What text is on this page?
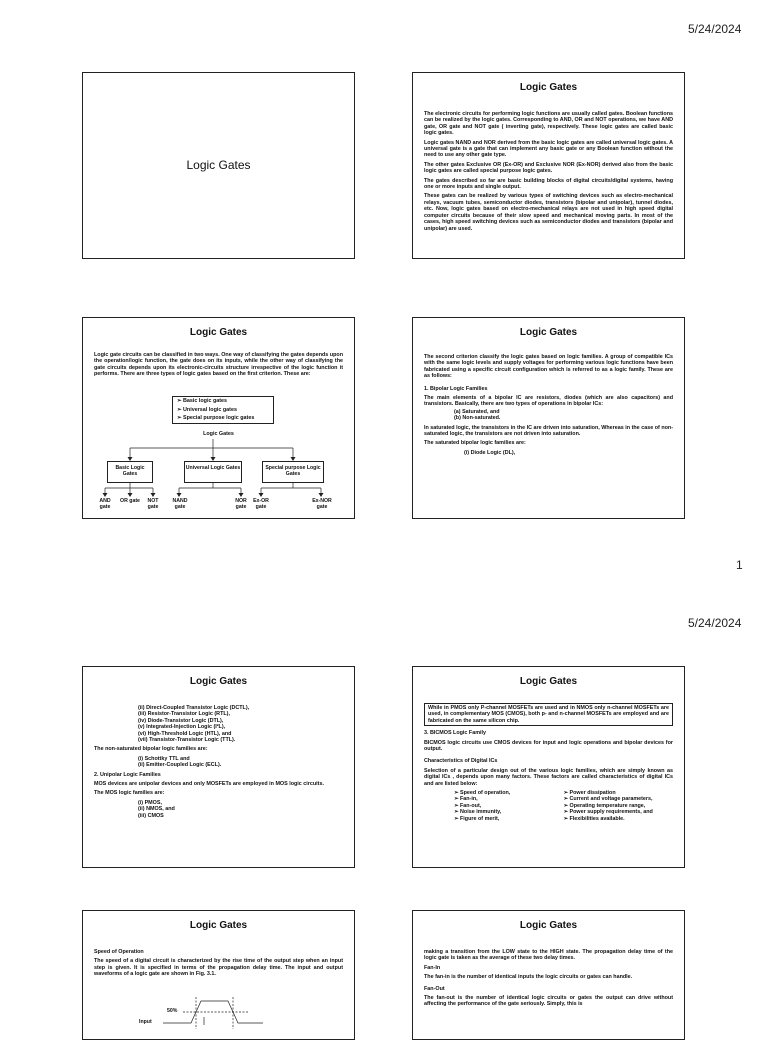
5/24/2024
Logic Gates
Logic Gates

The electronic circuits for performing logic functions are usually called gates. Boolean functions can be realized by the logic gates. Corresponding to AND, OR and NOT operations, we have AND gate, OR gate and NOT gate ( inverting gate), respectively. These logic gates are called basic logic gates.

Logic gates NAND and NOR derived from the basic logic gates are called universal logic gates. A universal gate is a gate that can implement any basic gate or any Boolean function without the need to use any other gate type.

The other gates Exclusive OR (Ex-OR) and Exclusive NOR (Ex-NOR) derived also from the basic logic gates are called special purpose logic gates.

The gates described so far are basic building blocks of digital circuits/digital systems, having one or more inputs and single output.

These gates can be realized by various types of switching devices such as electro-mechanical relays, vacuum tubes, semiconductor diodes, transistors (bipolar and unipolar), tunnel diodes, etc. Now, logic gates based on electro-mechanical relays are not used in high speed digital computer circuits because of their slow speed and mechanical moving parts. In most of the cases, high speed switching devices such as semiconductor diodes and transistors (bipolar and unipolar) are used.

Logic Gates

Logic gate circuits can be classified in two ways. One way of classifying the gates depends upon the operation/logic function, the gate does on its inputs, while the other way of classifying the gate circuits depends upon its electronic-circuits structure irrespective of the logic function it performs. There are three types of logic gates based on the first criterion. These are:

➢ Basic logic gates
➢ Universal logic gates
➢ Special purpose logic gates
Logic Gates
Basic Logic Gates
Universal Logic Gates	Special purpose Logic Gates
AND gate
OR gate	NOT gate
NAND gate
NOR gate
Ex-OR gate
Ex-NOR gate
Logic Gates

The second criterion classify the logic gates based on logic families. A group of compatible ICs with the same logic levels and supply voltages for performing various logic functions have been fabricated using a specific circuit configuration which is referred to as a logic family. These are as follows:

1. Bipolar Logic Families

The main elements of a bipolar IC are resistors, diodes (which are also capacitors) and transistors. Basically, there are two types of operations in bipolar ICs:

(a) Saturated, and
(b) Non-saturated.

In saturated logic, the transistors in the IC are driven into saturation, Whereas in the case of non-saturated logic, the transistors are not driven into saturation.

The saturated bipolar logic families are:

(i) Diode Logic (DL),
1
5/24/2024
Logic Gates
(ii) Direct-Coupled Transistor Logic (DCTL),
(iii) Resistor-Transistor Logic (RTL),
(iv) Diode-Transistor Logic (DTL),
(v) Integrated-Injection Logic (I²L),
(vi) High-Threshold Logic (HTL), and
(vii) Transistor-Transistor Logic (TTL).

The non-saturated bipolar logic families are:

(i) Schottky TTL and
(ii) Emitter-Coupled Logic (ECL).

2. Unipolar Logic Families

MOS devices are unipolar devices and only MOSFETs are employed in MOS logic circuits.

The MOS logic families are:

(i) PMOS,
(ii) NMOS, and
(iii) CMOS
Logic Gates

While in PMOS only P-channel MOSFETs are used and in NMOS only n-channel MOSFETs are used, in complementary MOS (CMOS), both p- and n-channel MOSFETs are employed and are fabricated on the same silicon chip.

3. BICMOS Logic Family

BICMOS logic circuits use CMOS devices for input and logic operations and bipolar devices for output.

Characteristics of Digital ICs

Selection of a particular design out of the various logic families, which are simply known as digital ICs , depends upon many factors. These factors are called characteristics of digital ICs and are listed below:

➢ Speed of operation,
➢ Fan-in,
➢ Fan-out,
➢ Noise immunity,
➢ Figure of merit,
➢ Power dissipation
➢ Current and voltage parameters,
➢ Operating temperature range,
➢ Power supply requirements, and
➢ Flexibilities available.
Logic Gates

Speed of Operation

The speed of a digital circuit is characterized by the rise time of the output step when an input step is given. It is specified in terms of the propagation delay time. The input and output waveforms of a logic gate are shown in Fig. 3.1.

50%
Input
Logic Gates

making a transition from the LOW state to the HIGH state. The propagation delay time of the logic gate is taken as the average of these two delay times.

Fan-In

The fan-in is the number of identical inputs the logic circuits or gates can handle.

Fan-Out

The fan-out is the number of identical logic circuits or gates the output can drive without affecting the performance of the gate seriously. Simply, this is
